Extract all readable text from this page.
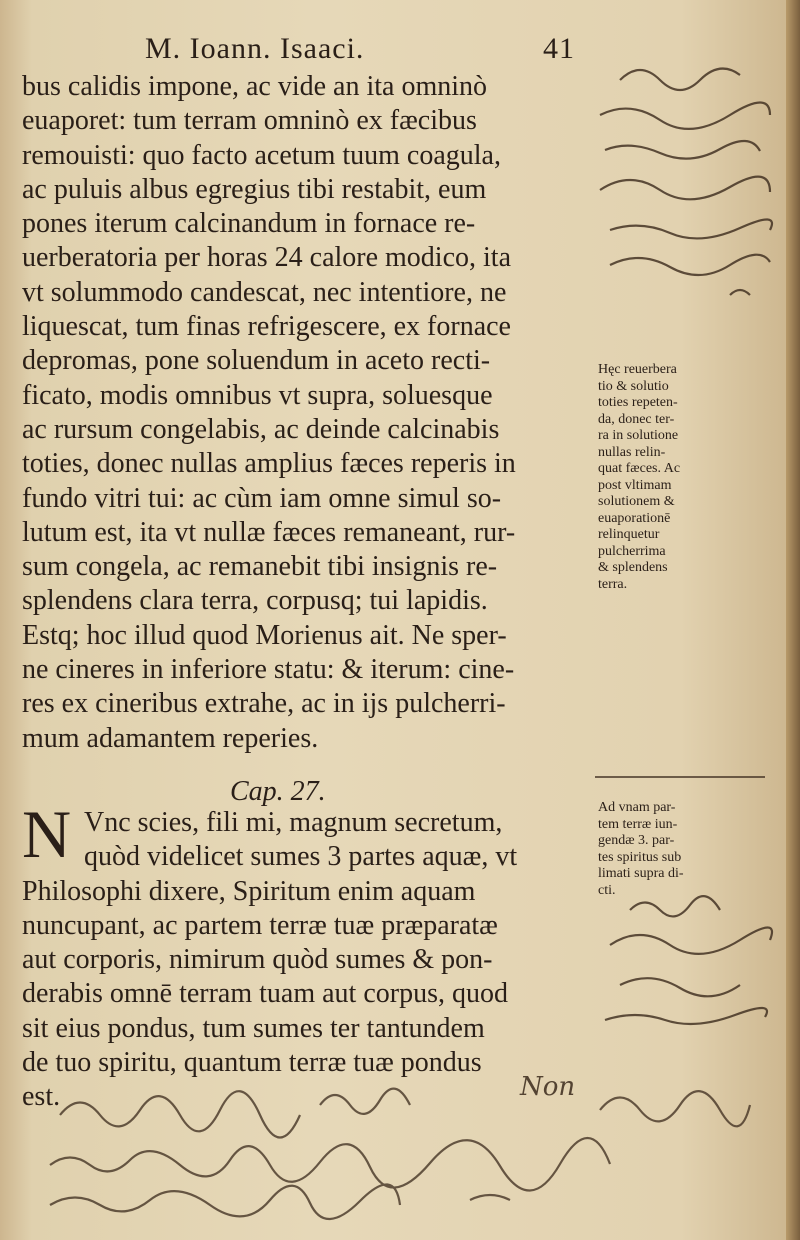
M. Ioann. Isaaci.	41
bus calidis impone, ac vide an ita omninò
euaporet: tum terram omninò ex fæcibus
remouisti: quo facto acetum tuum coagula,
ac puluis albus egregius tibi restabit, eum
pones iterum calcinandum in fornace re-
uerberatoria per horas 24 calore modico, ita
vt solummodo candescat, nec intentiore, ne
liquescat, tum finas refrigescere, ex fornace
depromas, pone soluendum in aceto recti-
ficato, modis omnibus vt supra, soluesque
ac rursum congelabis, ac deinde calcinabis
toties, donec nullas amplius fæces reperis in
fundo vitri tui: ac cùm iam omne simul so-
lutum est, ita vt nullæ fæces remaneant, rur-
sum congela, ac remanebit tibi insignis re-
splendens clara terra, corpusq; tui lapidis.
Estq; hoc illud quod Morienus ait. Ne sper-
ne cineres in inferiore statu: & iterum: cine-
res ex cineribus extrahe, ac in ijs pulcherri-
mum adamantem reperies.
Cap. 27.
N Vnc scies, fili mi, magnum secretum,
quòd videlicet sumes 3 partes aquæ, vt
Philosophi dixere, Spiritum enim aquam
nuncupant, ac partem terræ tuæ præparatæ
aut corporis, nimirum quòd sumes & pon-
derabis omnē terram tuam aut corpus, quod
sit eius pondus, tum sumes ter tantundem
de tuo spiritu, quantum terræ tuæ pondus
est.
Hęc reuerbera
tio & solutio
toties repeten-
da, donec ter-
ra in solutione
nullas relin-
quat fæces. Ac
post vltimam
solutionem &
euaporationē
relinquetur
pulcherrima
& splendens
terra.
Ad vnam par-
tem terræ iun-
gendæ 3. par-
tes spiritus sub
limati supra di-
cti.
Non
